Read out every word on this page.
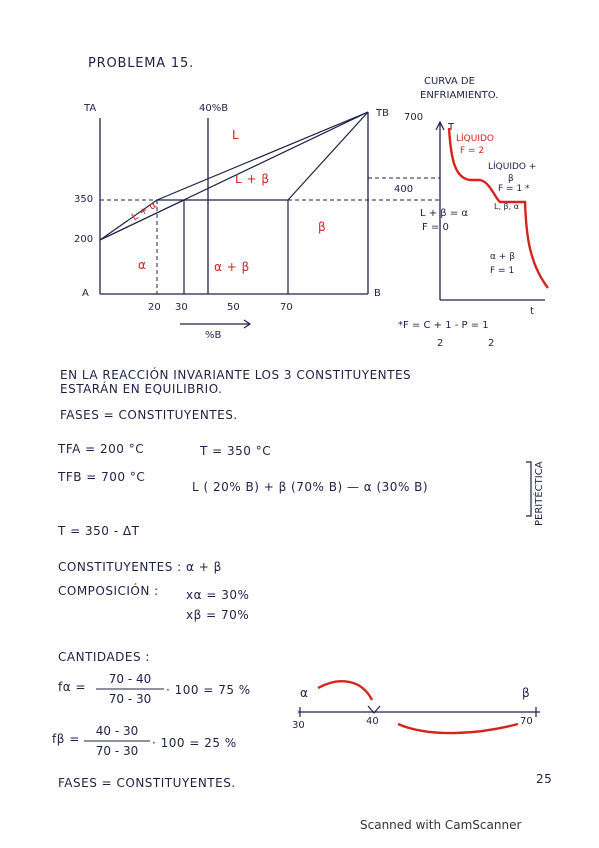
PROBLEMA 15.
TA	TB
40%B
350
200
A	B
20 30	50	70
%B
L
L + β
L + α
β
α	α + β
CURVA DE
ENFRIAMIENTO.
700
T
400
LÍQUIDO
F = 2
LÍQUIDO +
β
F = 1 *
L, β, α
L + β = α
F = 0
α + β
F = 1
t
*F = C + 1 - P = 1
2	2
EN LA REACCIÓN INVARIANTE LOS 3 CONSTITUYENTES
ESTARÁN EN EQUILIBRIO.
FASES = CONSTITUYENTES.
TFA = 200 °C	T = 350 °C
TFB = 700 °C
L ( 20% B) + β (70% B) — α (30% B)	PERITÉCTICA
T = 350 - ΔT
CONSTITUYENTES : α + β
COMPOSICIÓN : xα = 30%
xβ = 70%
CANTIDADES :
fα =
70 - 40
70 - 30
· 100 = 75 %
fβ =
40 - 30
70 - 30
· 100 = 25 %
FASES = CONSTITUYENTES.	25
α	β
30	40	70
Scanned with CamScanner
